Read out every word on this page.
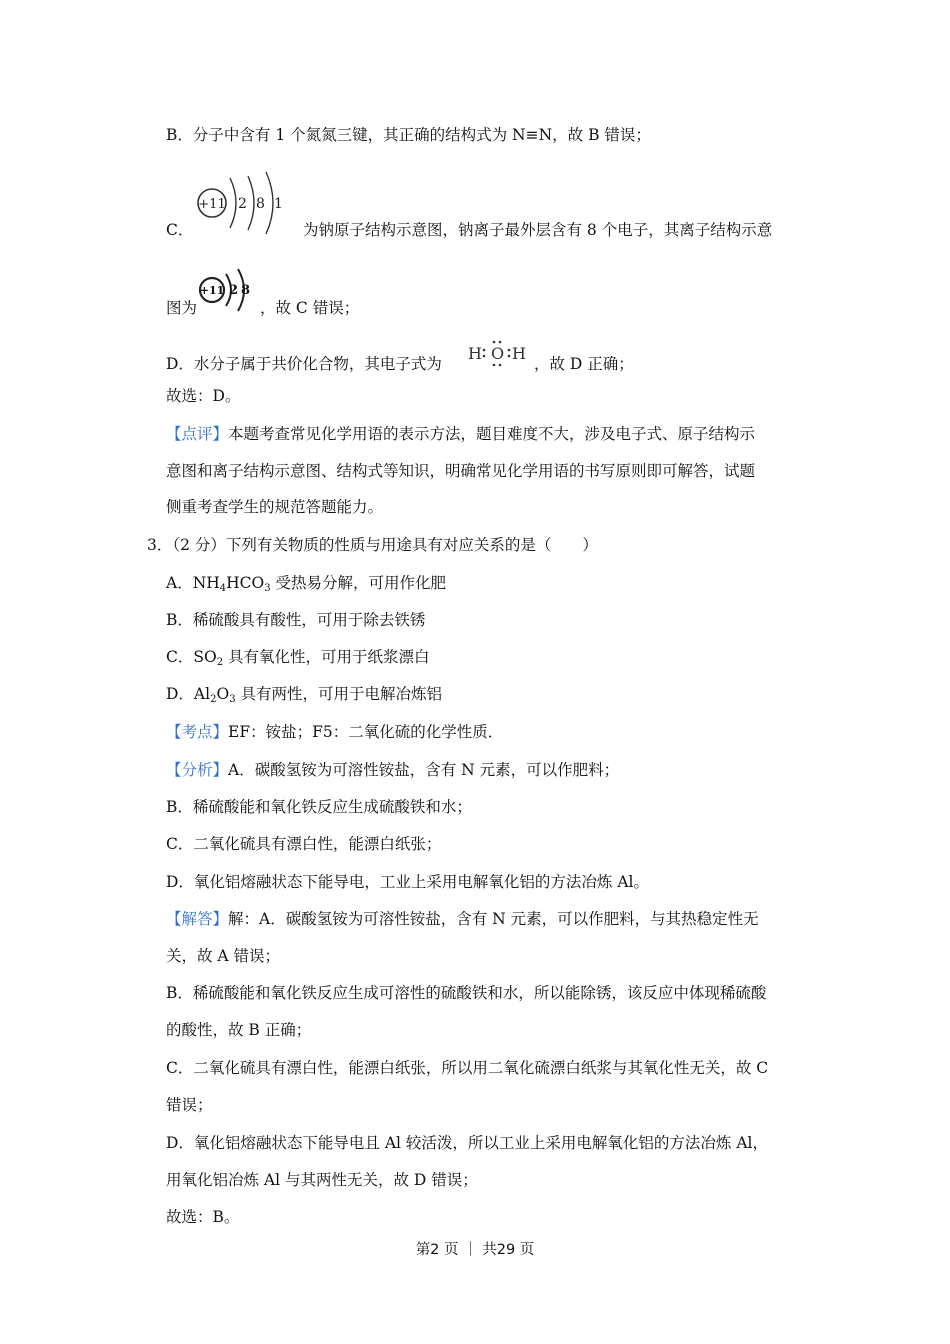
B．分子中含有 1 个氮氮三键，其正确的结构式为 N≡N，故 B 错误；
C．
+11 2 8 1
为钠原子结构示意图，钠离子最外层含有 8 个电子，其离子结构示意
图为
+11 2 8
，故 C 错误；
D．水分子属于共价化合物，其电子式为
H O H
，故 D 正确；
故选：D。
【点评】本题考查常见化学用语的表示方法，题目难度不大，涉及电子式、原子结构示
意图和离子结构示意图、结构式等知识，明确常见化学用语的书写原则即可解答，试题
侧重考查学生的规范答题能力。
3．（2 分）下列有关物质的性质与用途具有对应关系的是（　　）
A．$NH_4HCO_3$ 受热易分解，可用作化肥
B．稀硫酸具有酸性，可用于除去铁锈
C．$SO_2$ 具有氧化性，可用于纸浆漂白
D．$Al_2O_3$ 具有两性，可用于电解冶炼铝
【考点】EF：铵盐；F5：二氧化硫的化学性质．
【分析】A．碳酸氢铵为可溶性铵盐，含有 N 元素，可以作肥料；
B．稀硫酸能和氧化铁反应生成硫酸铁和水；
C．二氧化硫具有漂白性，能漂白纸张；
D．氧化铝熔融状态下能导电，工业上采用电解氧化铝的方法冶炼 Al。
【解答】解：A．碳酸氢铵为可溶性铵盐，含有 N 元素，可以作肥料，与其热稳定性无
关，故 A 错误；
B．稀硫酸能和氧化铁反应生成可溶性的硫酸铁和水，所以能除锈，该反应中体现稀硫酸
的酸性，故 B 正确；
C．二氧化硫具有漂白性，能漂白纸张，所以用二氧化硫漂白纸浆与其氧化性无关，故 C
错误；
D．氧化铝熔融状态下能导电且 Al 较活泼，所以工业上采用电解氧化铝的方法冶炼 Al，
用氧化铝冶炼 Al 与其两性无关，故 D 错误；
故选：B。
第2 页 ｜ 共29 页
